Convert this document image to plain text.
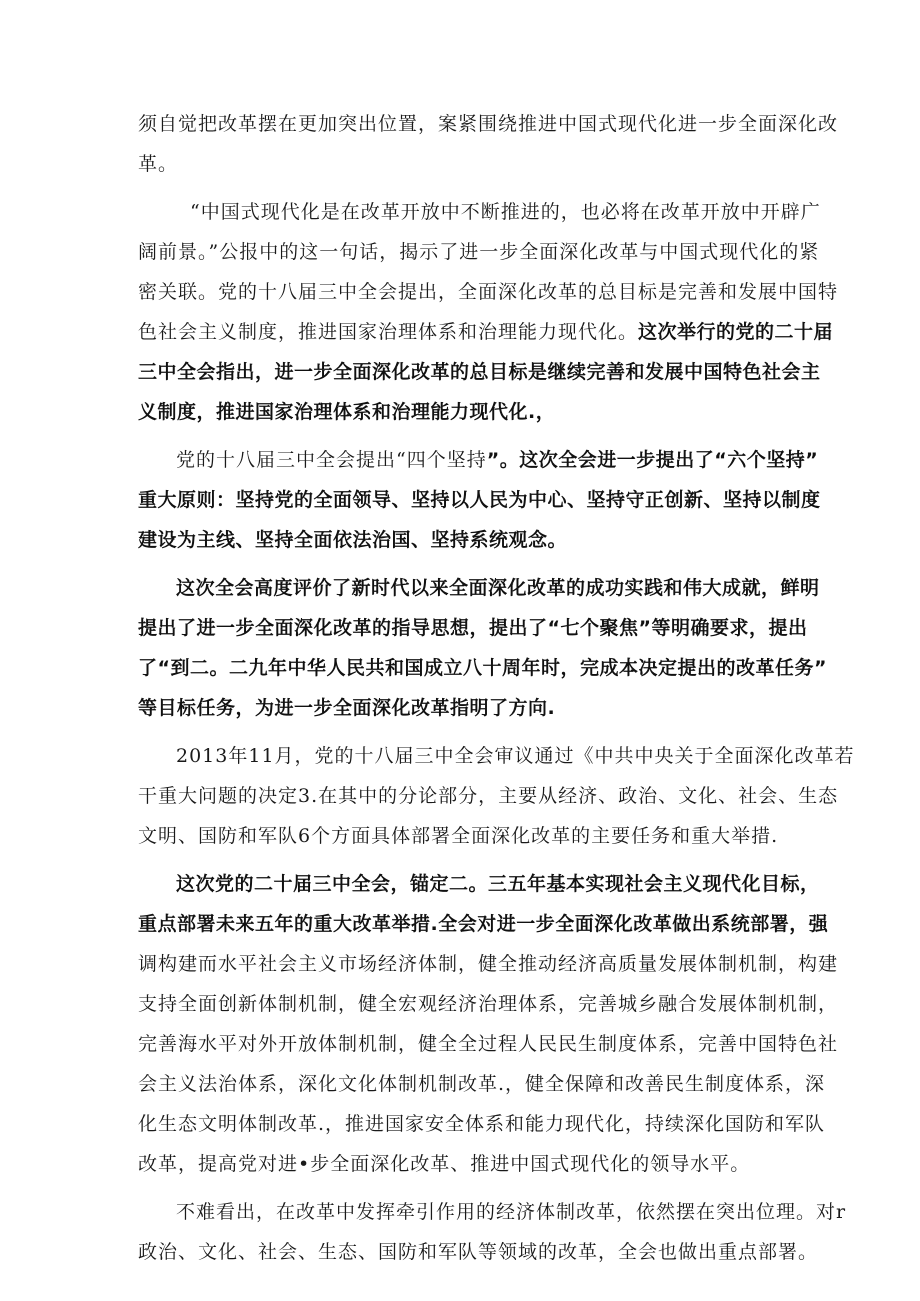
须自觉把改革摆在更加突出位置，案紧围绕推进中国式现代化进一步全面深化改
革。
“中国式现代化是在改革开放中不断推进的，也必将在改革开放中开辟广
阔前景。”公报中的这一句话，揭示了进一步全面深化改革与中国式现代化的紧
密关联。党的十八届三中全会提出，全面深化改革的总目标是完善和发展中国特
色社会主义制度，推进国家治理体系和治理能力现代化。这次举行的党的二十届
三中全会指出，进一步全面深化改革的总目标是继续完善和发展中国特色社会主
义制度，推进国家治理体系和治理能力现代化.，
党的十八届三中全会提出“四个坚持”。这次全会进一步提出了“六个坚持”
重大原则：坚持党的全面领导、坚持以人民为中心、坚持守正创新、坚持以制度
建设为主线、坚持全面依法治国、坚持系统观念。
这次全会高度评价了新时代以来全面深化改革的成功实践和伟大成就，鲜明
提出了进一步全面深化改革的指导思想，提出了“七个聚焦”等明确要求，提出
了“到二。二九年中华人民共和国成立八十周年时，完成本决定提出的改革任务”
等目标任务，为进一步全面深化改革指明了方向.
2013年11月，党的十八届三中全会审议通过《中共中央关于全面深化改革若
干重大问题的决定3.在其中的分论部分，主要从经济、政治、文化、社会、生态
文明、国防和军队6个方面具体部署全面深化改革的主要任务和重大举措.
这次党的二十届三中全会，锚定二。三五年基本实现社会主义现代化目标，
重点部署未来五年的重大改革举措.全会对进一步全面深化改革做出系统部署，强
调构建而水平社会主义市场经济体制，健全推动经济高质量发展体制机制，构建
支持全面创新体制机制，健全宏观经济治理体系，完善城乡融合发展体制机制，
完善海水平对外开放体制机制，健全全过程人民民生制度体系，完善中国特色社
会主义法治体系，深化文化体制机制改革.，健全保障和改善民生制度体系，深
化生态文明体制改革.，推进国家安全体系和能力现代化，持续深化国防和军队
改革，提高党对进•步全面深化改革、推进中国式现代化的领导水平。
不难看出，在改革中发挥牵引作用的经济体制改革，依然摆在突出位理。对r
政治、文化、社会、生态、国防和军队等领域的改革，全会也做出重点部署。
